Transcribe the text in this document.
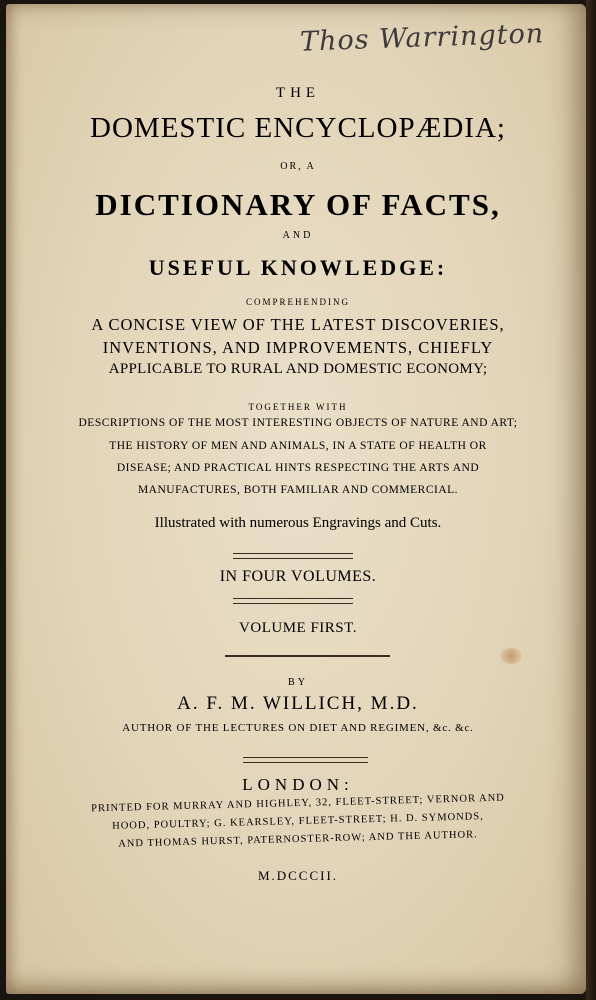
Thos Warrington
THE
DOMESTIC ENCYCLOPÆDIA;
OR, A
DICTIONARY OF FACTS,
AND
USEFUL KNOWLEDGE:
COMPREHENDING
A CONCISE VIEW OF THE LATEST DISCOVERIES,
INVENTIONS, AND IMPROVEMENTS, CHIEFLY
APPLICABLE TO RURAL AND DOMESTIC ECONOMY;
TOGETHER WITH
DESCRIPTIONS OF THE MOST INTERESTING OBJECTS OF NATURE AND ART;
THE HISTORY OF MEN AND ANIMALS, IN A STATE OF HEALTH OR
DISEASE; AND PRACTICAL HINTS RESPECTING THE ARTS AND
MANUFACTURES, BOTH FAMILIAR AND COMMERCIAL.
Illustrated with numerous Engravings and Cuts.
IN FOUR VOLUMES.
VOLUME FIRST.
BY
A. F. M. WILLICH, M.D.
AUTHOR OF THE LECTURES ON DIET AND REGIMEN, &c. &c.
LONDON:
PRINTED FOR MURRAY AND HIGHLEY, 32, FLEET-STREET; VERNOR AND
HOOD, POULTRY; G. KEARSLEY, FLEET-STREET; H. D. SYMONDS,
AND THOMAS HURST, PATERNOSTER-ROW; AND THE AUTHOR.
M.DCCCII.
